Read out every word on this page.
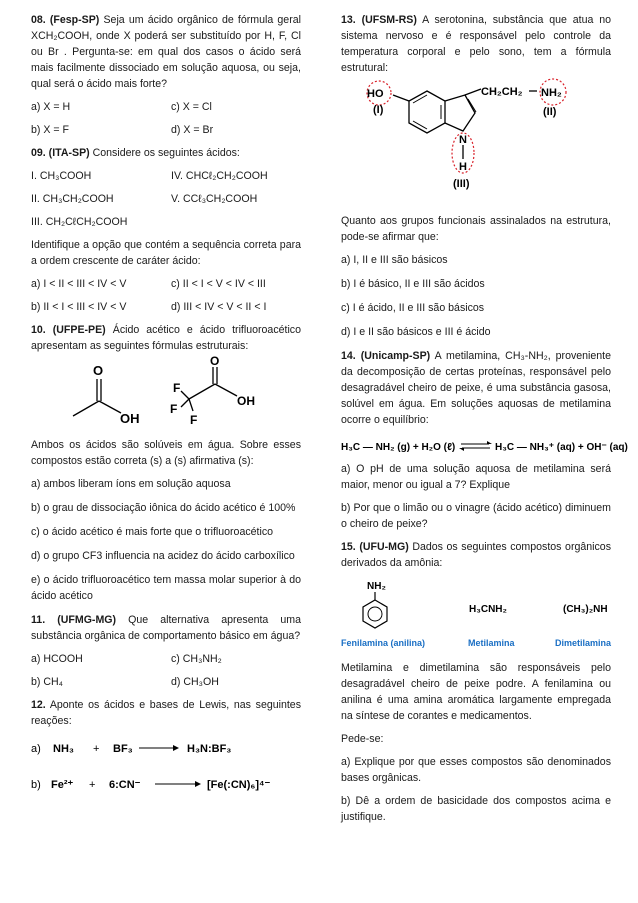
08. (Fesp-SP) Seja um ácido orgânico de fórmula geral XCH₂COOH, onde X poderá ser substituído por H, F, Cl ou Br . Pergunta-se: em qual dos casos o ácido será mais facilmente dissociado em solução aquosa, ou seja, qual será o ácido mais forte?

a) X = H	c) X = Cl
b) X = F	d) X = Br

09. (ITA-SP) Considere os seguintes ácidos:

I. CH₃COOH	IV. CHCℓ₂CH₂COOH
II. CH₃CH₂COOH	V. CCℓ₃CH₂COOH
III. CH₂CℓCH₂COOH

Identifique a opção que contém a sequência correta para a ordem crescente de caráter ácido:

a) I < II < III < IV < V	c) II < I < V < IV < III
b) II < I < III < IV < V	d) III < IV < V < II < I

10. (UFPE-PE) Ácido acético e ácido trifluoroacético apresentam as seguintes fórmulas estruturais:

O
OH
O
OH
F
F
F

Ambos os ácidos são solúveis em água. Sobre esses compostos estão correta (s) a (s) afirmativa (s):

a) ambos liberam íons em solução aquosa

b) o grau de dissociação iônica do ácido acético é 100%

c) o ácido acético é mais forte que o trifluoroacético

d) o grupo CF3 influencia na acidez do ácido carboxílico

e) o ácido trifluoroacético tem massa molar superior à do ácido acético

11. (UFMG-MG) Que alternativa apresenta uma substância orgânica de comportamento básico em água?

a) HCOOH	c) CH₃NH₂
b) CH₄	d) CH₃OH

12. Aponte os ácidos e bases de Lewis, nas seguintes reações:

a) NH₃ + BF₃	H₃N:BF₃
b) Fe²⁺ + 6:CN⁻	[Fe(:CN)₆]⁴⁻

13. (UFSM-RS) A serotonina, substância que atua no sistema nervoso e é responsável pelo controle da temperatura corporal e pelo sono, tem a fórmula estrutural:

HO
(I)
CH₂CH₂ NH₂
(II)
N
H
(III)

Quanto aos grupos funcionais assinalados na estrutura, pode-se afirmar que:

a) I, II e III são básicos

b) I é básico, II e III são ácidos

c) I é ácido, II e III são básicos

d) I e II são básicos e III é ácido

14. (Unicamp-SP) A metilamina, CH₃-NH₂, proveniente da decomposição de certas proteínas, responsável pelo desagradável cheiro de peixe, é uma substância gasosa, solúvel em água. Em soluções aquosas de metilamina ocorre o equilíbrio:

H₃C — NH₂ (g) + H₂O (ℓ)	H₃C — NH₃⁺ (aq) + OH⁻ (aq)

a) O pH de uma solução aquosa de metilamina será maior, menor ou igual a 7? Explique

b) Por que o limão ou o vinagre (ácido acético) diminuem o cheiro de peixe?

15. (UFU-MG) Dados os seguintes compostos orgânicos derivados da amônia:

NH₂
H₃CNH₂	(CH₃)₂NH
Fenilamina (anilina)	Metilamina	Dimetilamina

Metilamina e dimetilamina são responsáveis pelo desagradável cheiro de peixe podre. A fenilamina ou anilina é uma amina aromática largamente empregada na síntese de corantes e medicamentos.

Pede-se:

a) Explique por que esses compostos são denominados bases orgânicas.

b) Dê a ordem de basicidade dos compostos acima e justifique.
